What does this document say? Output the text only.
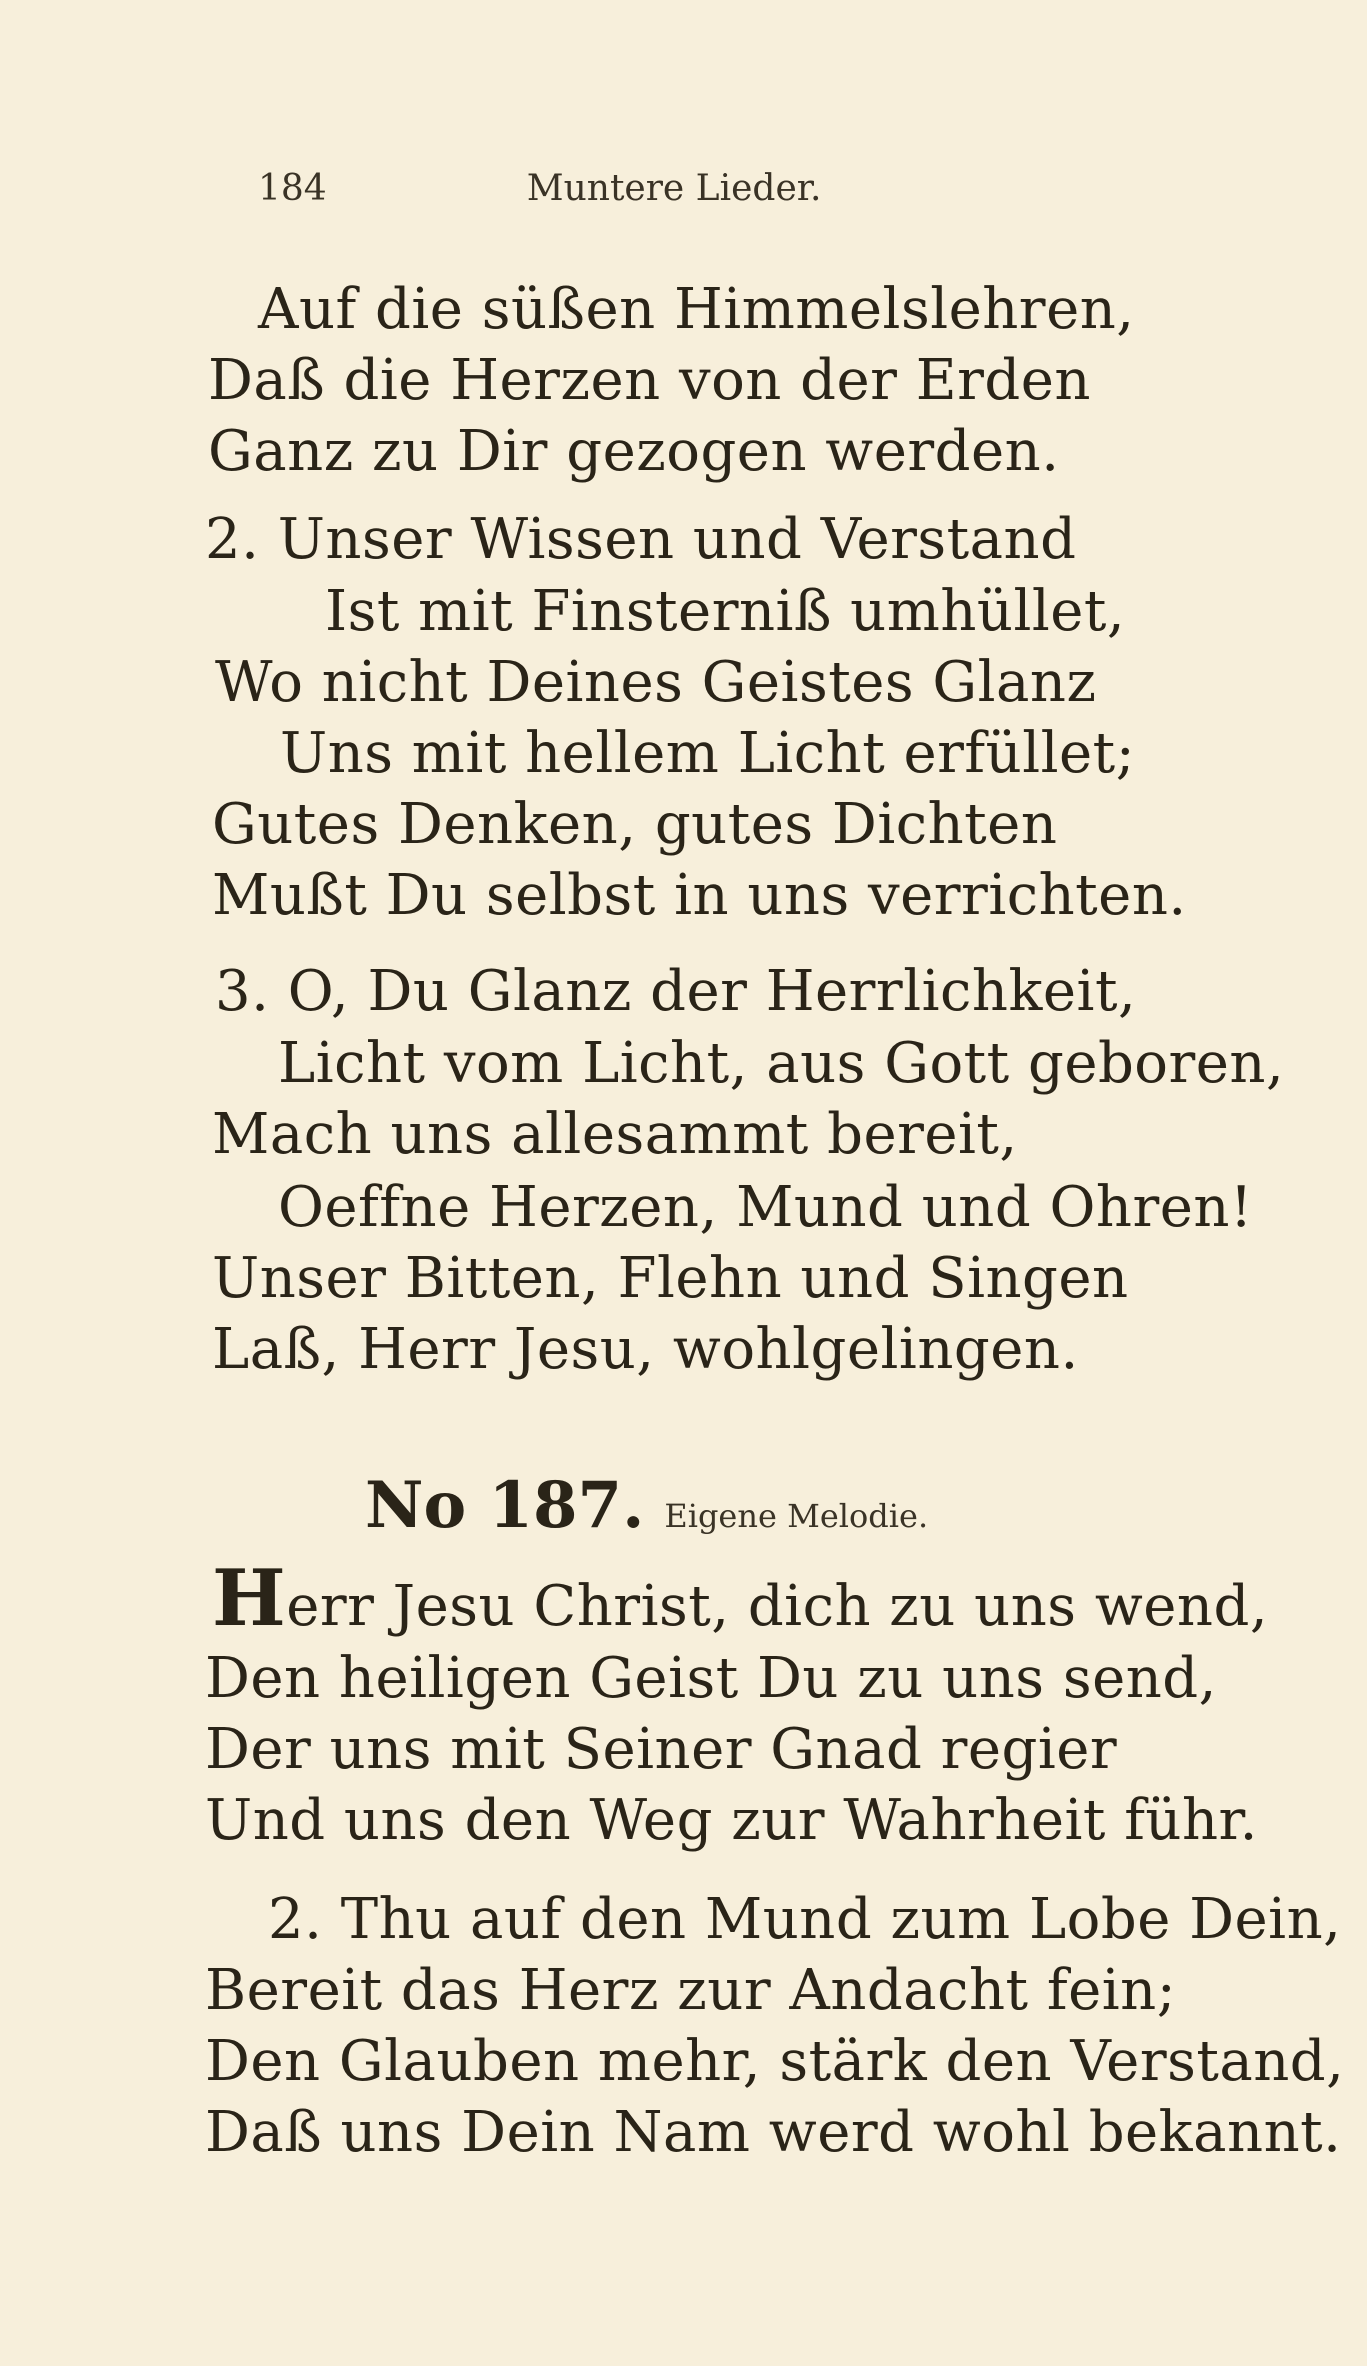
184	Muntere Lieder.
Auf die süßen Himmelslehren,
Daß die Herzen von der Erden
Ganz zu Dir gezogen werden.
2. Unser Wissen und Verstand
Ist mit Finsterniß umhüllet,
Wo nicht Deines Geistes Glanz
Uns mit hellem Licht erfüllet;
Gutes Denken, gutes Dichten
Mußt Du selbst in uns verrichten.
3. O, Du Glanz der Herrlichkeit,
Licht vom Licht, aus Gott geboren,
Mach uns allesammt bereit,
Oeffne Herzen, Mund und Ohren!
Unser Bitten, Flehn und Singen
Laß, Herr Jesu, wohlgelingen.
No 187. Eigene Melodie.
Herr Jesu Christ, dich zu uns wend,
Den heiligen Geist Du zu uns send,
Der uns mit Seiner Gnad regier
Und uns den Weg zur Wahrheit führ.
2. Thu auf den Mund zum Lobe Dein,
Bereit das Herz zur Andacht fein;
Den Glauben mehr, stärk den Verstand,
Daß uns Dein Nam werd wohl bekannt.
